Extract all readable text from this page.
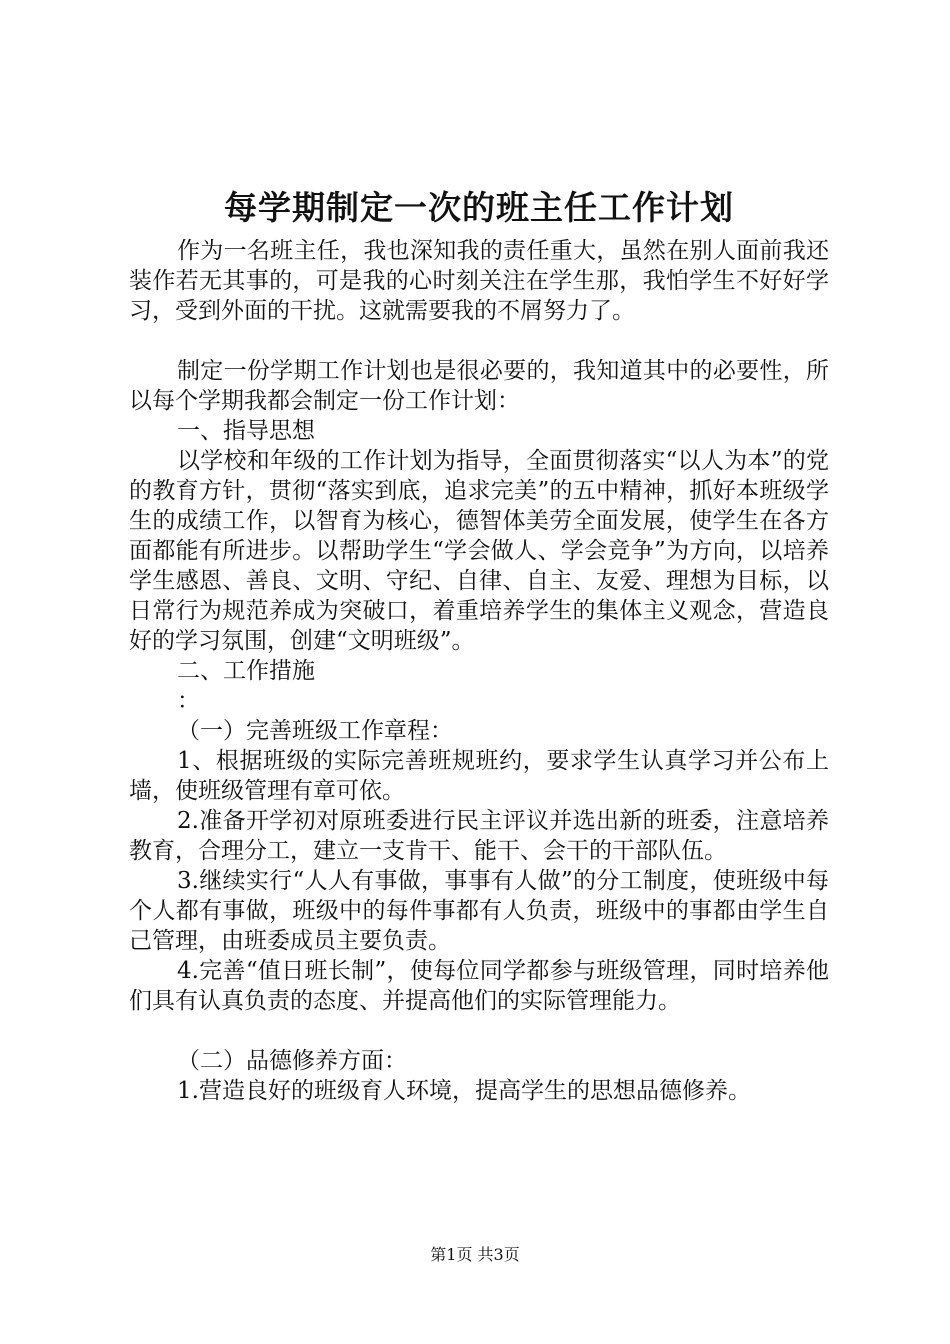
每学期制定一次的班主任工作计划

作为一名班主任，我也深知我的责任重大，虽然在别人面前我还装作若无其事的，可是我的心时刻关注在学生那，我怕学生不好好学习，受到外面的干扰。这就需要我的不屑努力了。

制定一份学期工作计划也是很必要的，我知道其中的必要性，所以每个学期我都会制定一份工作计划：

一、指导思想

以学校和年级的工作计划为指导，全面贯彻落实“以人为本”的党的教育方针，贯彻“落实到底，追求完美”的五中精神，抓好本班级学生的成绩工作，以智育为核心，德智体美劳全面发展，使学生在各方面都能有所进步。以帮助学生“学会做人、学会竞争”为方向，以培养学生感恩、善良、文明、守纪、自律、自主、友爱、理想为目标，以日常行为规范养成为突破口，着重培养学生的集体主义观念，营造良好的学习氛围，创建“文明班级”。

二、工作措施

：

（一）完善班级工作章程：

1、根据班级的实际完善班规班约，要求学生认真学习并公布上墙，使班级管理有章可依。

2.准备开学初对原班委进行民主评议并选出新的班委，注意培养教育，合理分工，建立一支肯干、能干、会干的干部队伍。

3.继续实行“人人有事做，事事有人做”的分工制度，使班级中每个人都有事做，班级中的每件事都有人负责，班级中的事都由学生自己管理，由班委成员主要负责。

4.完善“值日班长制”，使每位同学都参与班级管理，同时培养他们具有认真负责的态度、并提高他们的实际管理能力。

（二）品德修养方面：

1.营造良好的班级育人环境，提高学生的思想品德修养。

第1页 共3页
